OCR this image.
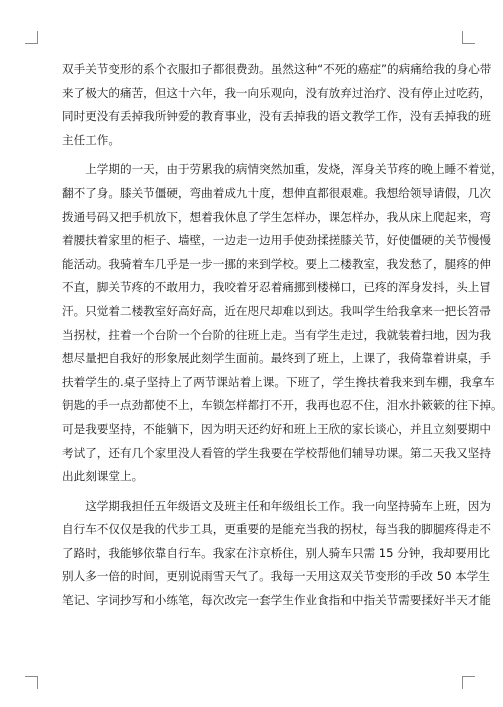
双手关节变形的系个衣服扣子都很费劲。虽然这种“不死的癌症”的病痛给我的身心带
来了极大的痛苦，但这十六年，我一向乐观向，没有放弃过治疗、没有停止过吃药，
同时更没有丢掉我所钟爱的教育事业，没有丢掉我的语文教学工作，没有丢掉我的班
主任工作。
上学期的一天，由于劳累我的病情突然加重，发烧，浑身关节疼的晚上睡不着觉，
翻不了身。膝关节僵硬，弯曲着成九十度，想伸直都很艰难。我想给领导请假，几次
拨通号码又把手机放下，想着我休息了学生怎样办，课怎样办，我从床上爬起来，弯
着腰扶着家里的柜子、墙壁，一边走一边用手使劲揉搓膝关节，好使僵硬的关节慢慢
能活动。我骑着车几乎是一步一挪的来到学校。要上二楼教室，我发愁了，腿疼的伸
不直，脚关节疼的不敢用力，我咬着牙忍着痛挪到楼梯口，已疼的浑身发抖，头上冒
汗。只觉着二楼教室好高好高，近在咫尺却难以到达。我叫学生给我拿来一把长笤帚
当拐杖，拄着一个台阶一个台阶的往班上走。当有学生走过，我就装着扫地，因为我
想尽量把自我好的形象展此刻学生面前。最终到了班上，上课了，我倚靠着讲桌，手
扶着学生的.桌子坚持上了两节课站着上课。下班了，学生搀扶着我来到车棚，我拿车
钥匙的手一点劲都使不上，车锁怎样都打不开，我再也忍不住，泪水扑簌簌的往下掉。
可是我要坚持，不能躺下，因为明天还约好和班上王欣的家长谈心，并且立刻要期中
考试了，还有几个家里没人看管的学生我要在学校帮他们辅导功课。第二天我又坚持
出此刻课堂上。
这学期我担任五年级语文及班主任和年级组长工作。我一向坚持骑车上班，因为
自行车不仅仅是我的代步工具，更重要的是能充当我的拐杖，每当我的脚腿疼得走不
了路时，我能够依靠自行车。我家在汴京桥住，别人骑车只需 15 分钟，我却要用比
别人多一倍的时间，更别说雨雪天气了。我每一天用这双关节变形的手改 50 本学生
笔记、字词抄写和小练笔，每次改完一套学生作业食指和中指关节需要揉好半天才能
